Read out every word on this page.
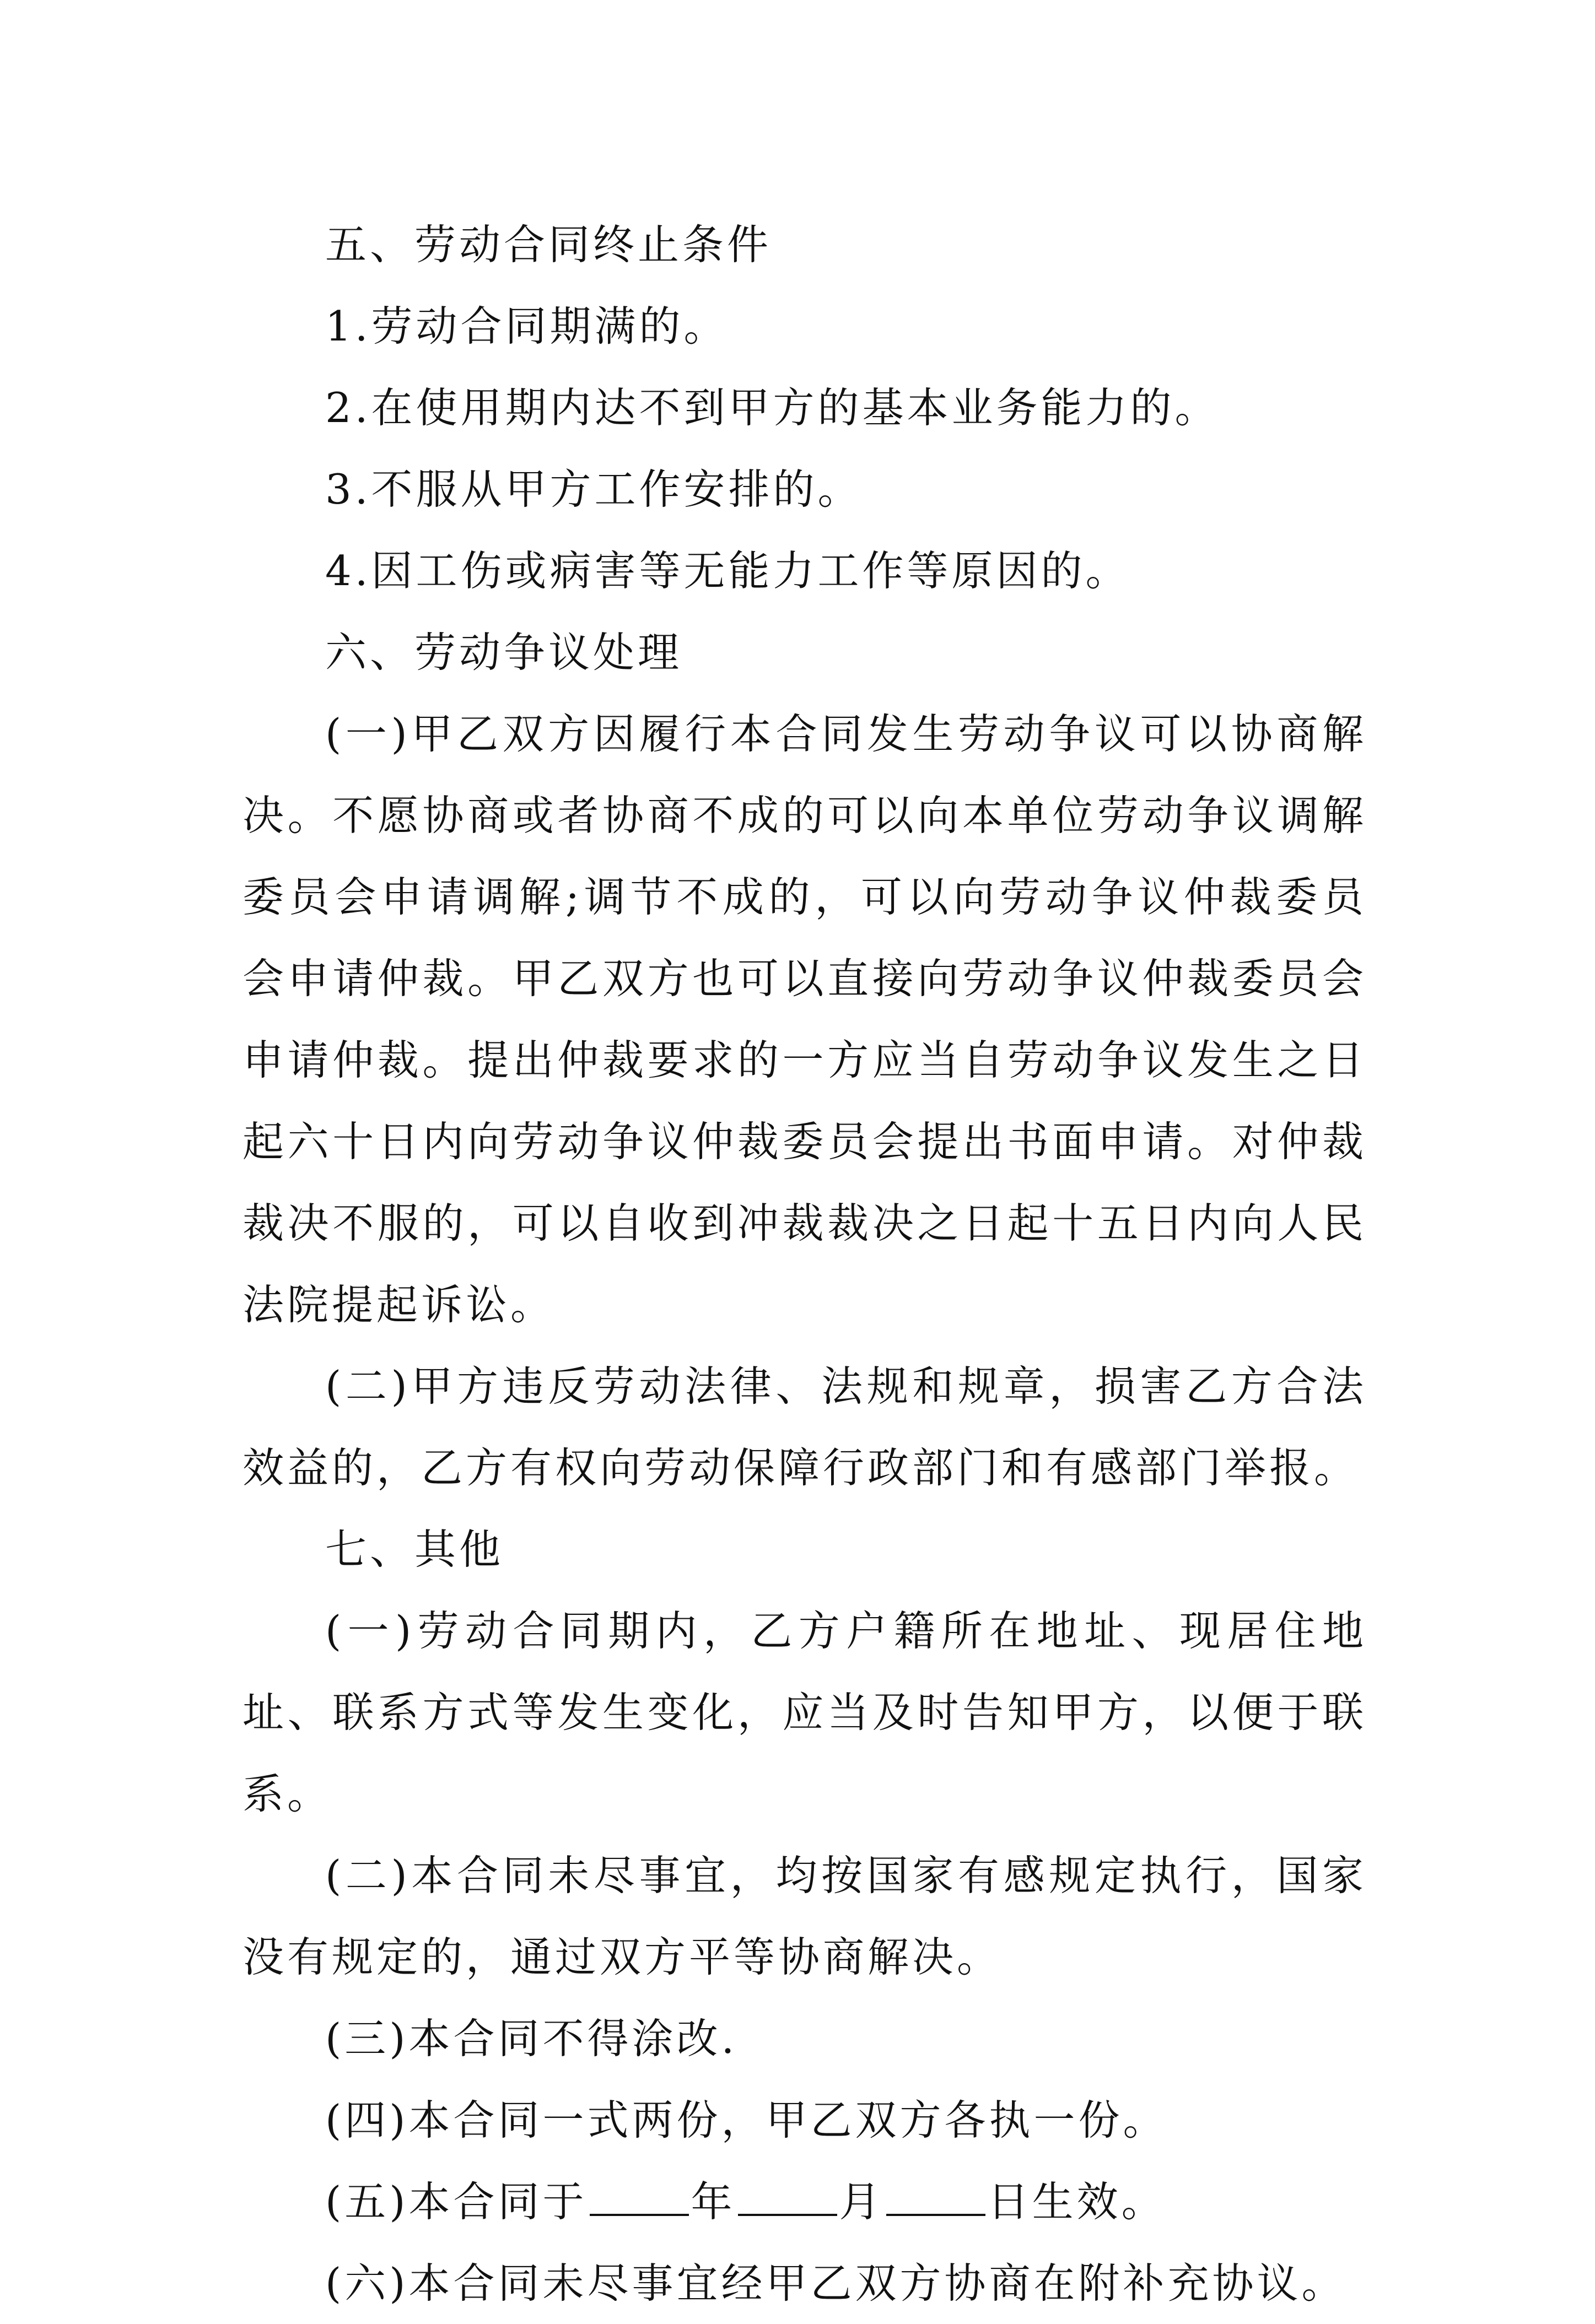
五、劳动合同终止条件

1.劳动合同期满的。

2.在使用期内达不到甲方的基本业务能力的。

3.不服从甲方工作安排的。

4.因工伤或病害等无能力工作等原因的。

六、劳动争议处理

(一)甲乙双方因履行本合同发生劳动争议可以协商解决。不愿协商或者协商不成的可以向本单位劳动争议调解委员会申请调解;调节不成的，可以向劳动争议仲裁委员会申请仲裁。甲乙双方也可以直接向劳动争议仲裁委员会申请仲裁。提出仲裁要求的一方应当自劳动争议发生之日起六十日内向劳动争议仲裁委员会提出书面申请。对仲裁裁决不服的，可以自收到冲裁裁决之日起十五日内向人民法院提起诉讼。

(二)甲方违反劳动法律、法规和规章，损害乙方合法效益的，乙方有权向劳动保障行政部门和有感部门举报。

七、其他

(一)劳动合同期内，乙方户籍所在地址、现居住地址、联系方式等发生变化，应当及时告知甲方，以便于联系。

(二)本合同未尽事宜，均按国家有感规定执行，国家没有规定的，通过双方平等协商解决。

(三)本合同不得涂改.

(四)本合同一式两份，甲乙双方各执一份。

(五)本合同于	年	月	日生效。

(六)本合同未尽事宜经甲乙双方协商在附补充协议。
